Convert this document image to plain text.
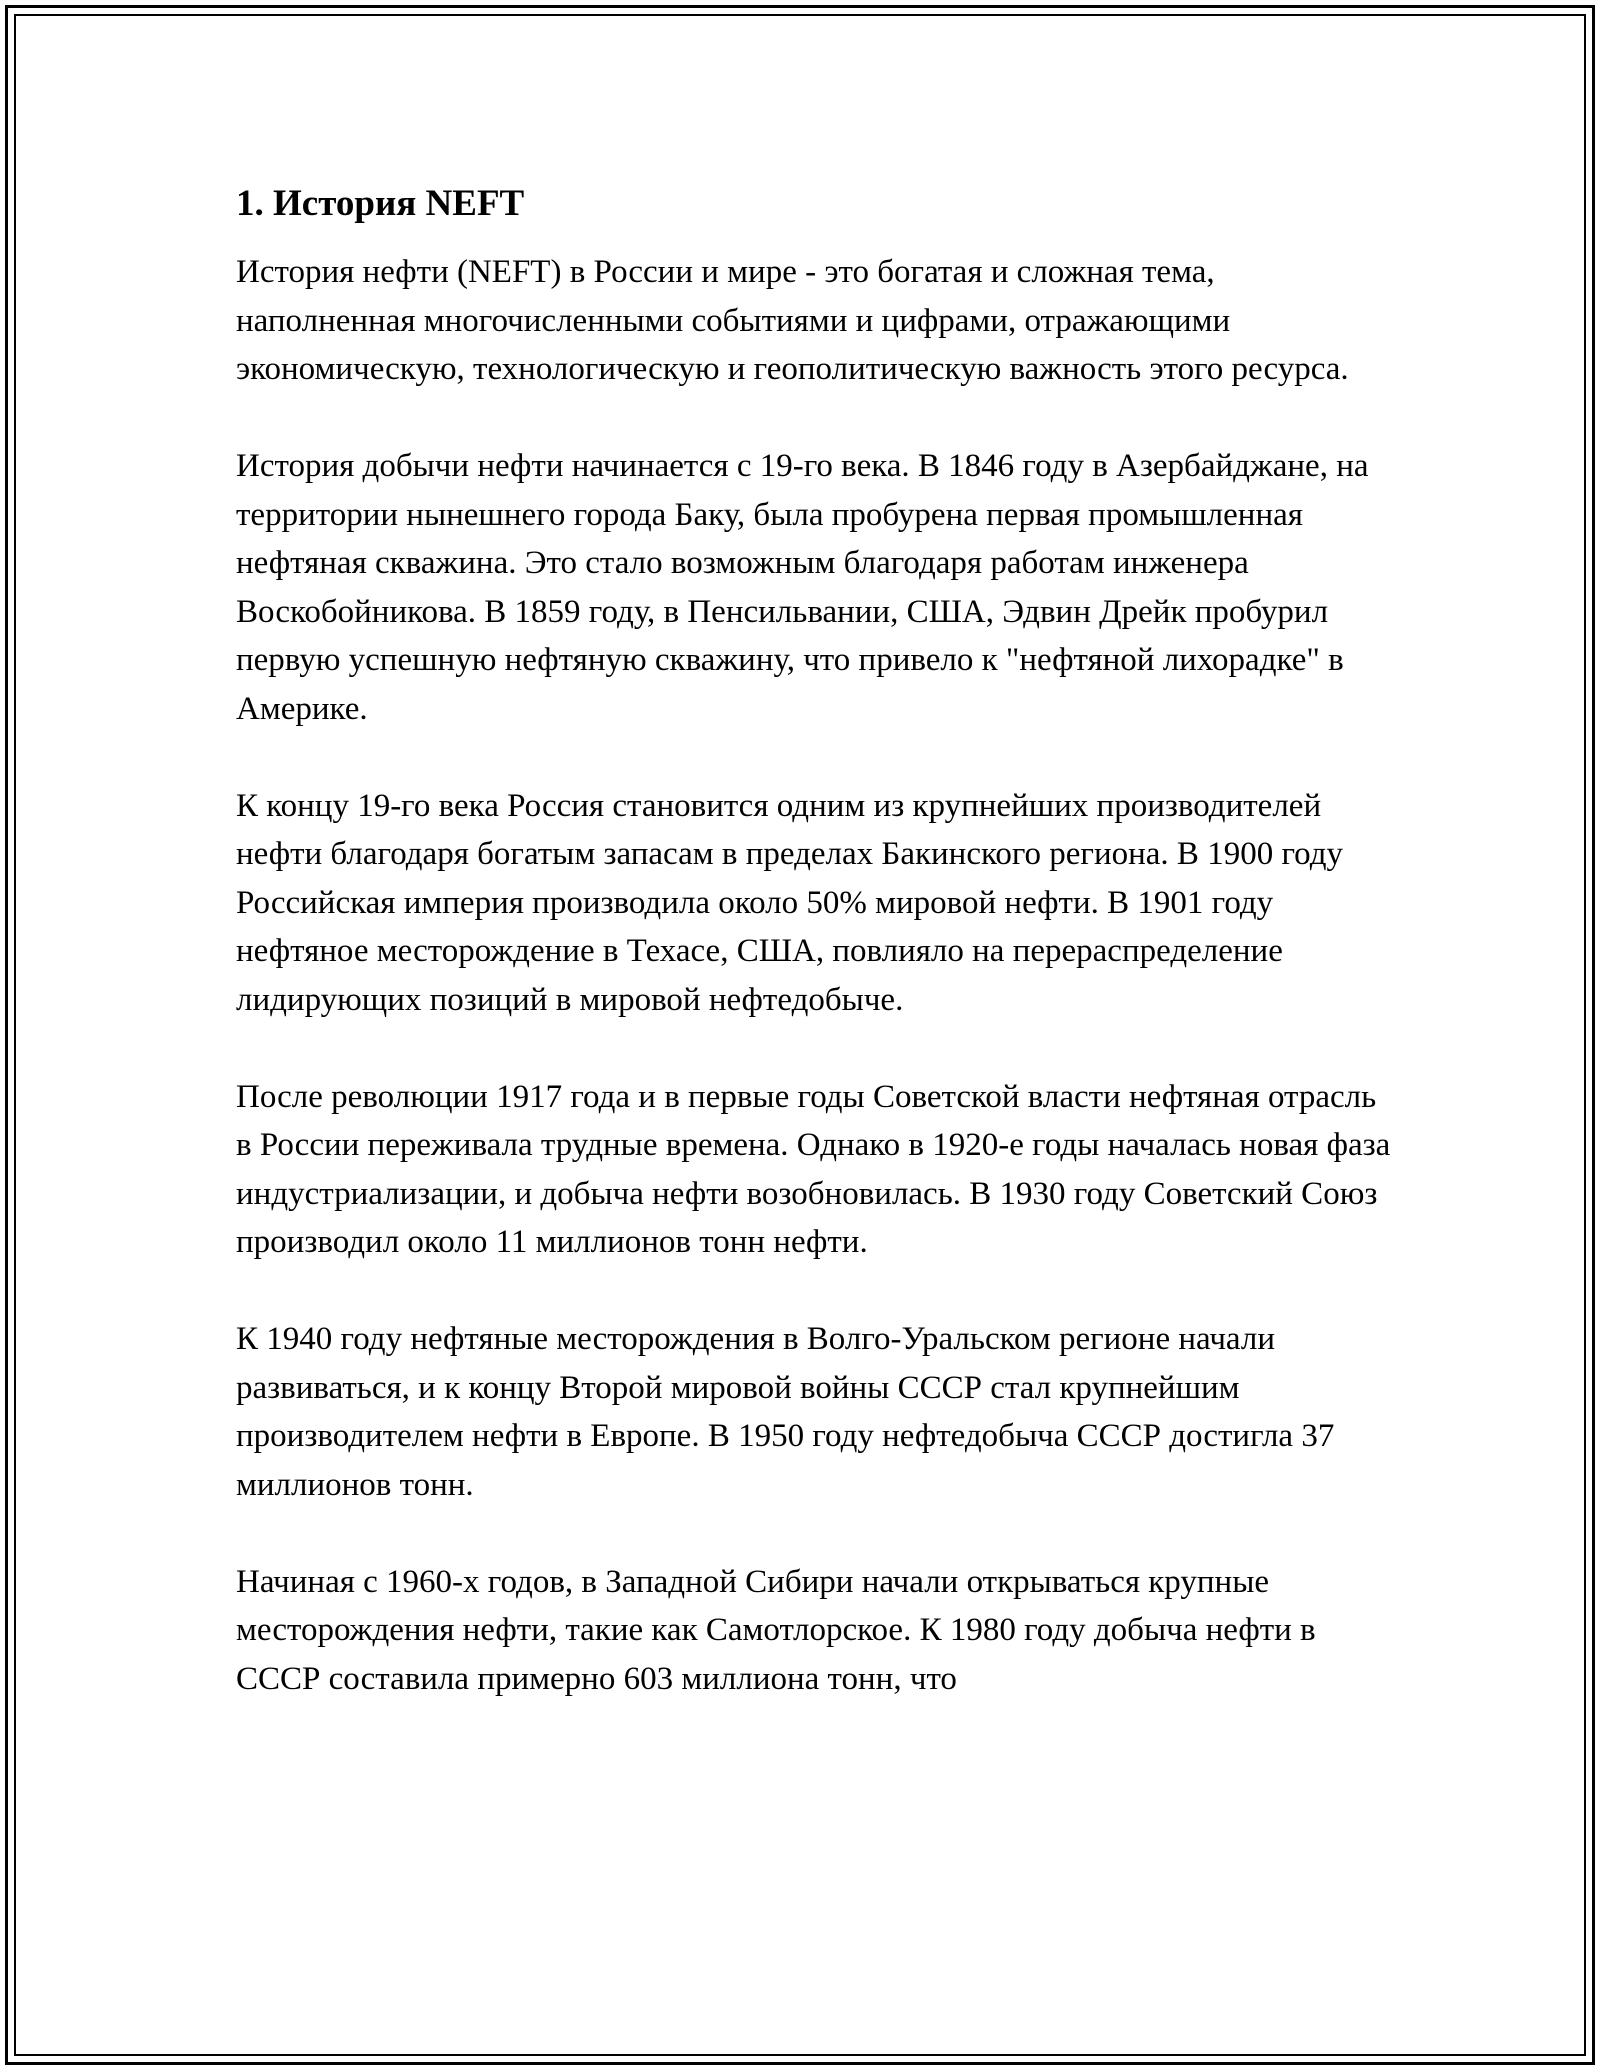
1. История NEFT

История нефти (NEFT) в России и мире - это богатая и сложная тема, наполненная многочисленными событиями и цифрами, отражающими экономическую, технологическую и геополитическую важность этого ресурса.

История добычи нефти начинается с 19-го века. В 1846 году в Азербайджане, на территории нынешнего города Баку, была пробурена первая промышленная нефтяная скважина. Это стало возможным благодаря работам инженера Воскобойникова. В 1859 году, в Пенсильвании, США, Эдвин Дрейк пробурил первую успешную нефтяную скважину, что привело к "нефтяной лихорадке" в Америке.

К концу 19-го века Россия становится одним из крупнейших производителей нефти благодаря богатым запасам в пределах Бакинского региона. В 1900 году Российская империя производила около 50% мировой нефти. В 1901 году нефтяное месторождение в Техасе, США, повлияло на перераспределение лидирующих позиций в мировой нефтедобыче.

После революции 1917 года и в первые годы Советской власти нефтяная отрасль в России переживала трудные времена. Однако в 1920-е годы началась новая фаза индустриализации, и добыча нефти возобновилась. В 1930 году Советский Союз производил около 11 миллионов тонн нефти.

К 1940 году нефтяные месторождения в Волго-Уральском регионе начали развиваться, и к концу Второй мировой войны СССР стал крупнейшим производителем нефти в Европе. В 1950 году нефтедобыча СССР достигла 37 миллионов тонн.

Начиная с 1960-х годов, в Западной Сибири начали открываться крупные месторождения нефти, такие как Самотлорское. К 1980 году добыча нефти в СССР составила примерно 603 миллиона тонн, что
